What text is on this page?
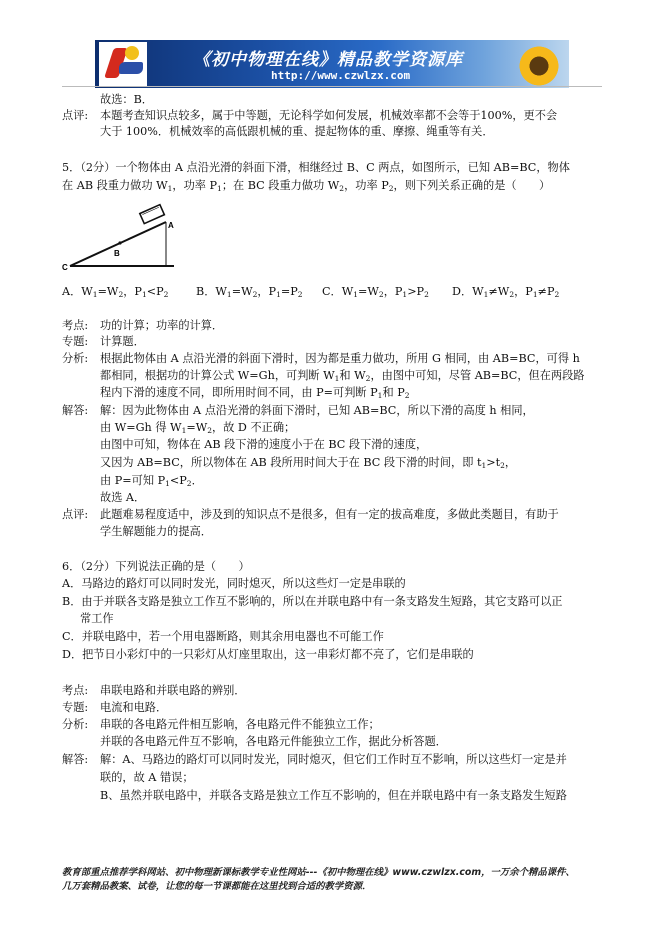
《初中物理在线》精品教学资源库
http://www.czwlzx.com
故选：B．
点评: 本题考查知识点较多，属于中等题，无论科学如何发展，机械效率都不会等于100%，更不会
大于 100%．机械效率的高低跟机械的重、提起物体的重、摩擦、绳重等有关．
5．（2分）一个物体由 A 点沿光滑的斜面下滑，相继经过 B、C 两点，如图所示，已知 AB=BC，物体
在 AB 段重力做功 $W_1$，功率 $P_1$；在 BC 段重力做功 $W_2$，功率 $P_2$，则下列关系正确的是（　　）
A
B
C
A．$W_1=W_2$，$P_1<P_2$ B．$W_1=W_2$，$P_1=P_2$ C．$W_1=W_2$，$P_1>P_2$ D．$W_1\ne W_2$，$P_1\ne P_2$
考点: 功的计算；功率的计算．
专题: 计算题．
分析: 根据此物体由 A 点沿光滑的斜面下滑时，因为都是重力做功，所用 G 相同，由 AB=BC，可得 h
都相同，根据功的计算公式 W=Gh，可判断 $W_1$和 $W_2$，由图中可知，尽管 AB=BC，但在两段路
程内下滑的速度不同，即所用时间不同，由 P=可判断 $P_1$和 $P_2$
解答: 解：因为此物体由 A 点沿光滑的斜面下滑时，已知 AB=BC，所以下滑的高度 h 相同，
由 W=Gh 得 $W_1=W_2$，故 D 不正确；
由图中可知，物体在 AB 段下滑的速度小于在 BC 段下滑的速度，
又因为 AB=BC，所以物体在 AB 段所用时间大于在 BC 段下滑的时间，即 $t_1>t_2$，
由 P=可知 $P_1<P_2$．
故选 A．
点评: 此题难易程度适中，涉及到的知识点不是很多，但有一定的拔高难度，多做此类题目，有助于
学生解题能力的提高．
6．（2分）下列说法正确的是（　　）
A．马路边的路灯可以同时发光，同时熄灭，所以这些灯一定是串联的
B．由于并联各支路是独立工作互不影响的，所以在并联电路中有一条支路发生短路，其它支路可以正
常工作
C．并联电路中，若一个用电器断路，则其余用电器也不可能工作
D．把节日小彩灯中的一只彩灯从灯座里取出，这一串彩灯都不亮了，它们是串联的
考点: 串联电路和并联电路的辨别．
专题: 电流和电路．
分析: 串联的各电路元件相互影响，各电路元件不能独立工作；
并联的各电路元件互不影响，各电路元件能独立工作，据此分析答题．
解答: 解：A、马路边的路灯可以同时发光，同时熄灭，但它们工作时互不影响，所以这些灯一定是并
联的，故 A 错误；
B、虽然并联电路中，并联各支路是独立工作互不影响的，但在并联电路中有一条支路发生短路
教育部重点推荐学科网站、初中物理新课标教学专业性网站---《初中物理在线》www.czwlzx.com，一万余个精品课件、
几万套精品教案、试卷，让您的每一节课都能在这里找到合适的教学资源．
